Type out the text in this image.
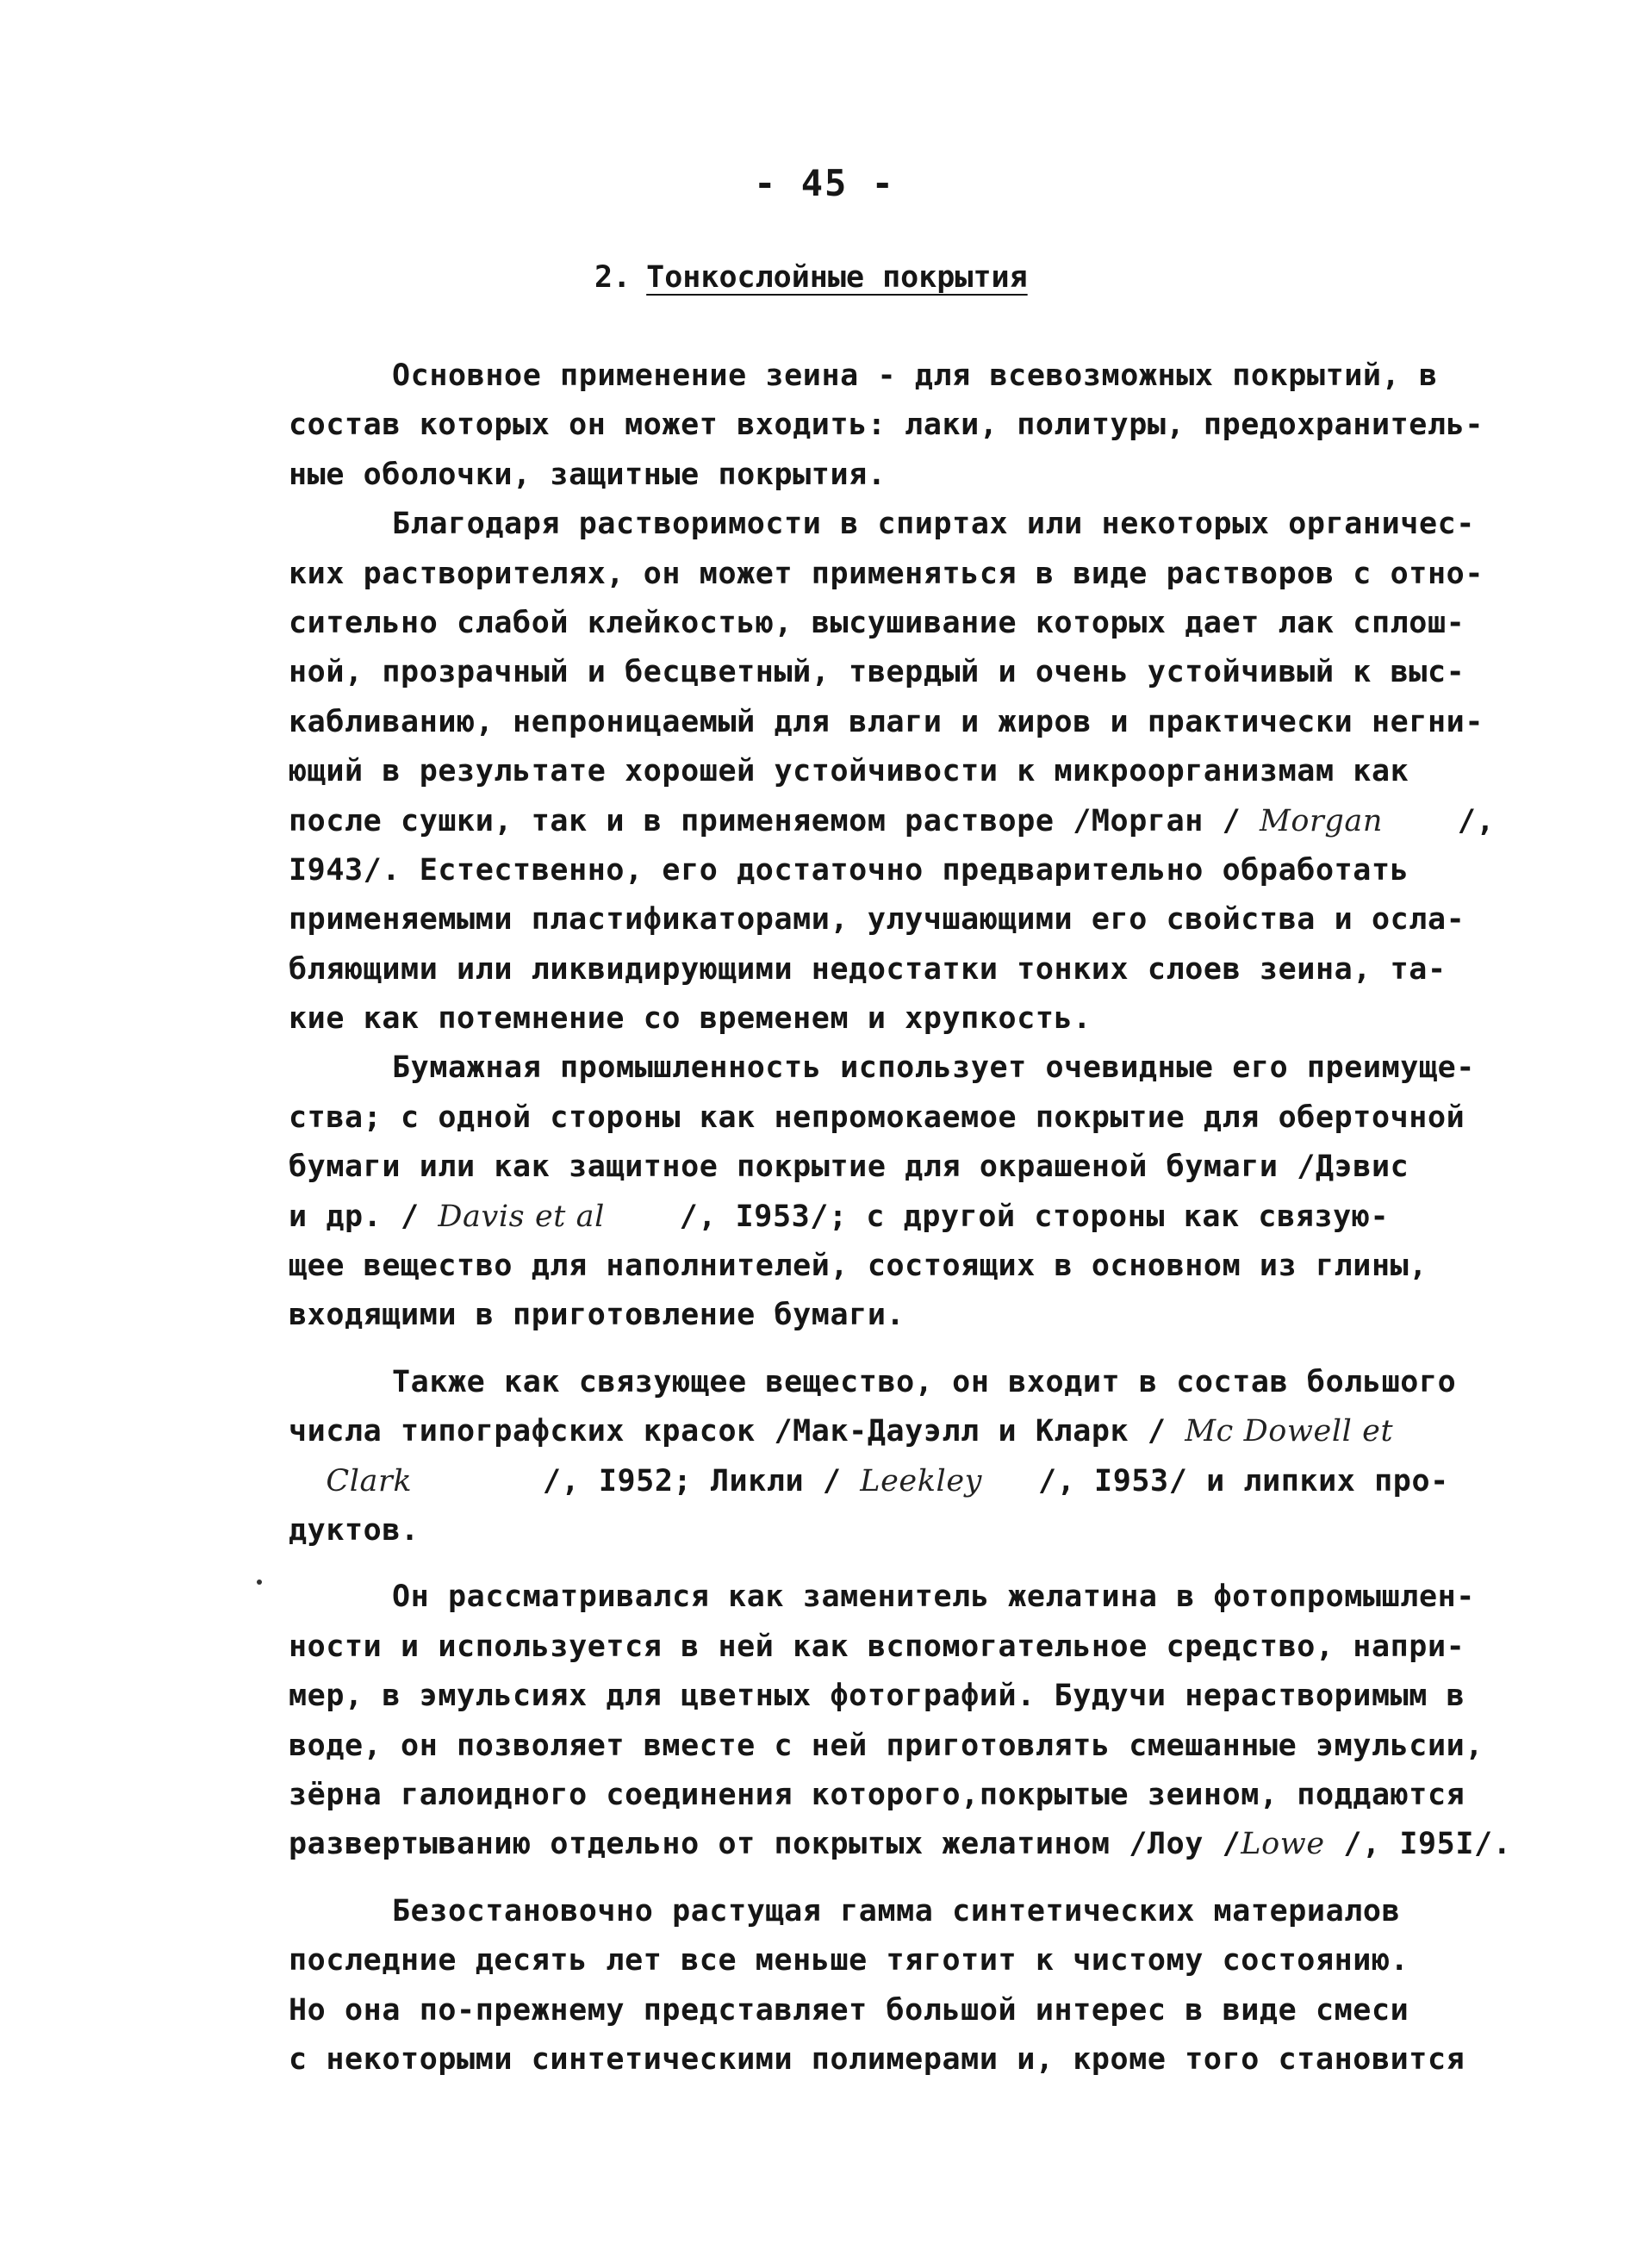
- 45 -
2. Тонкослойные покрытия
Основное применение зеина - для всевозможных покрытий, в
состав которых он может входить: лаки, политуры, предохранитель-
ные оболочки, защитные покрытия.
Благодаря растворимости в спиртах или некоторых органичес-
ких растворителях, он может применяться в виде растворов с отно-
сительно слабой клейкостью, высушивание которых дает лак сплош-
ной, прозрачный и бесцветный, твердый и очень устойчивый к выс-
кабливанию, непроницаемый для влаги и жиров и практически негни-
ющий в результате хорошей устойчивости к микроорганизмам как
после сушки, так и в применяемом растворе /Морган / Morgan /,
I943/. Естественно, его достаточно предварительно обработать
применяемыми пластификаторами, улучшающими его свойства и осла-
бляющими или ликвидирующими недостатки тонких слоев зеина, та-
кие как потемнение со временем и хрупкость.
Бумажная промышленность использует очевидные его преимуще-
ства; с одной стороны как непромокаемое покрытие для оберточной
бумаги или как защитное покрытие для окрашеной бумаги /Дэвис
и др. / Davis et al /, I953/; с другой стороны как связую-
щее вещество для наполнителей, состоящих в основном из глины,
входящими в приготовление бумаги.
Также как связующее вещество, он входит в состав большого
числа типографских красок /Мак-Дауэлл и Кларк / Mc Dowell et
Clark	/, I952; Ликли / Leekley /, I953/ и липких про-
дуктов.
Он рассматривался как заменитель желатина в фотопромышлен-
ности и используется в ней как вспомогательное средство, напри-
мер, в эмульсиях для цветных фотографий. Будучи нерастворимым в
воде, он позволяет вместе с ней приготовлять смешанные эмульсии,
зёрна галоидного соединения которого,покрытые зеином, поддаются
развертыванию отдельно от покрытых желатином /Лоу /Lowe /, I95I/.
Безостановочно растущая гамма синтетических материалов
последние десять лет все меньше тяготит к чистому состоянию.
Но она по-прежнему представляет большой интерес в виде смеси
с некоторыми синтетическими полимерами и, кроме того становится
